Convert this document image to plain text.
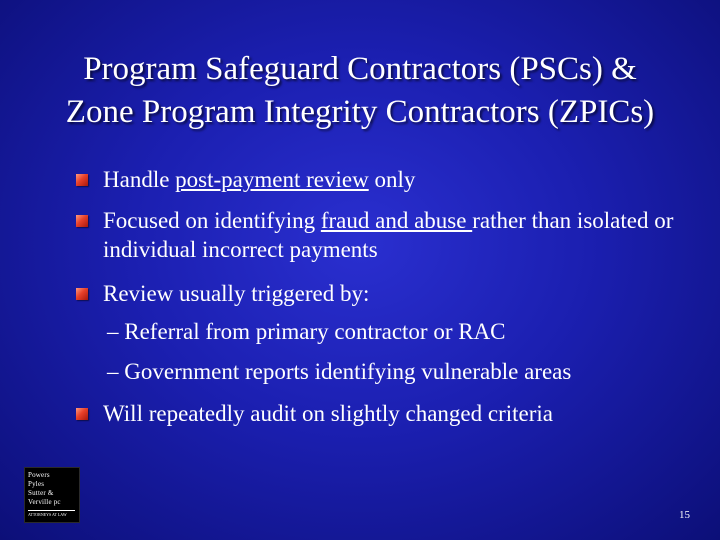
Program Safeguard Contractors (PSCs) &
Zone Program Integrity Contractors (ZPICs)
Handle post-payment review only
Focused on identifying fraud and abuse rather than isolated or individual incorrect payments
Review usually triggered by:
– Referral from primary contractor or RAC
– Government reports identifying vulnerable areas
Will repeatedly audit on slightly changed criteria
Powers
Pyles
Sutter &
Verville pc
ATTORNEYS AT LAW	15
